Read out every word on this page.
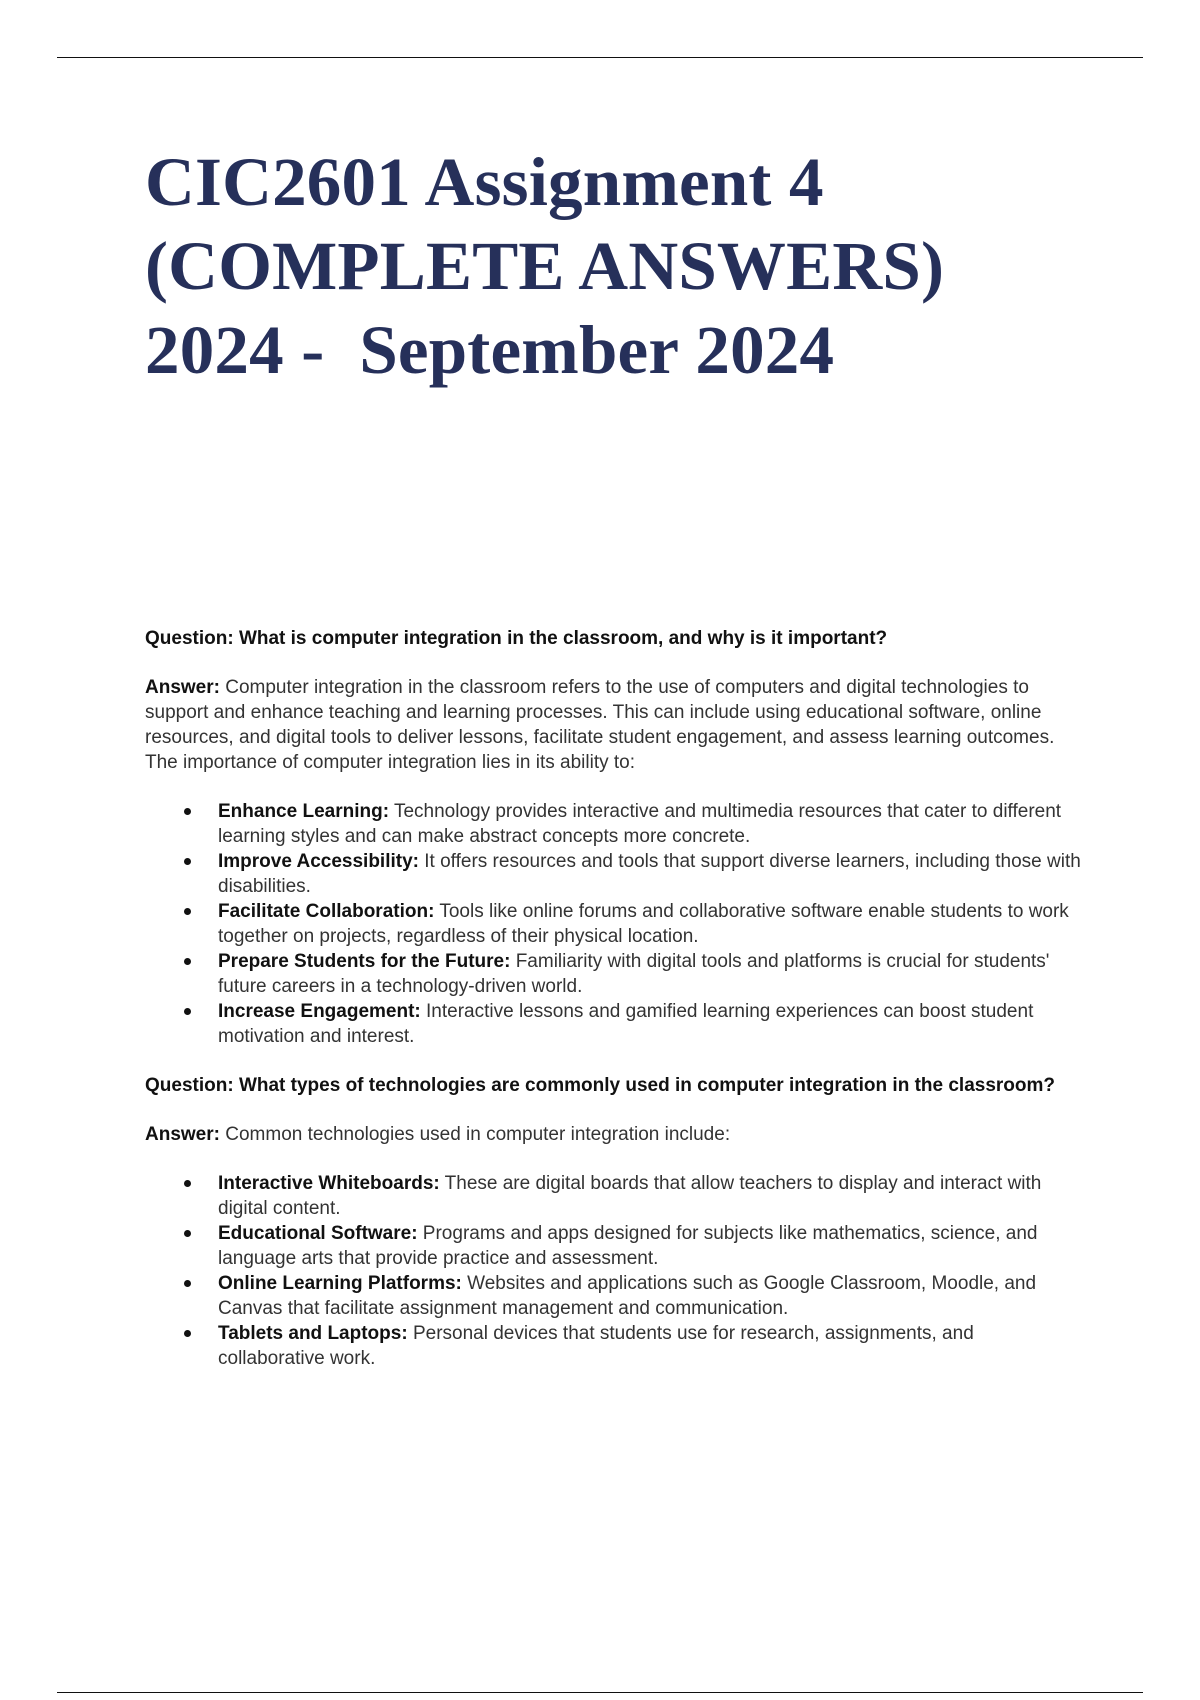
CIC2601 Assignment 4
(COMPLETE ANSWERS)
2024 -  September 2024

Question: What is computer integration in the classroom, and why is it important?

Answer: Computer integration in the classroom refers to the use of computers and digital technologies to support and enhance teaching and learning processes. This can include using educational software, online resources, and digital tools to deliver lessons, facilitate student engagement, and assess learning outcomes. The importance of computer integration lies in its ability to:

Enhance Learning: Technology provides interactive and multimedia resources that cater to different learning styles and can make abstract concepts more concrete.
Improve Accessibility: It offers resources and tools that support diverse learners, including those with disabilities.
Facilitate Collaboration: Tools like online forums and collaborative software enable students to work together on projects, regardless of their physical location.
Prepare Students for the Future: Familiarity with digital tools and platforms is crucial for students' future careers in a technology-driven world.
Increase Engagement: Interactive lessons and gamified learning experiences can boost student motivation and interest.

Question: What types of technologies are commonly used in computer integration in the classroom?

Answer: Common technologies used in computer integration include:

Interactive Whiteboards: These are digital boards that allow teachers to display and interact with digital content.
Educational Software: Programs and apps designed for subjects like mathematics, science, and language arts that provide practice and assessment.
Online Learning Platforms: Websites and applications such as Google Classroom, Moodle, and Canvas that facilitate assignment management and communication.
Tablets and Laptops: Personal devices that students use for research, assignments, and collaborative work.
